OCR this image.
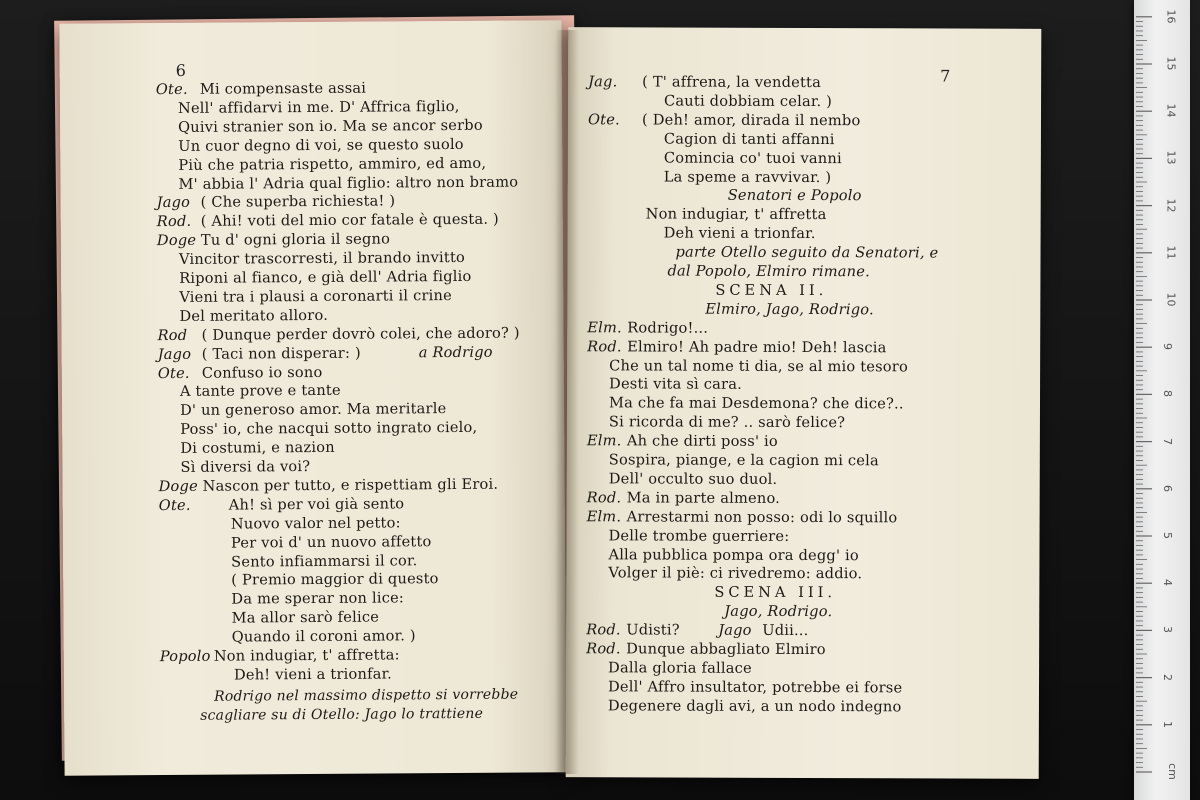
6
Ote. Mi compensaste assai
Nell' affidarvi in me. D' Affrica figlio,
Quivi stranier son io. Ma se ancor serbo
Un cuor degno di voi, se questo suolo
Più che patria rispetto, ammiro, ed amo,
M' abbia l' Adria qual figlio: altro non bramo
Jago ( Che superba richiesta! )
Rod. ( Ahi! voti del mio cor fatale è questa. )
Doge Tu d' ogni gloria il segno
Vincitor trascorresti, il brando invitto
Riponi al fianco, e già dell' Adria figlio
Vieni tra i plausi a coronarti il crine
Del meritato alloro.
Rod ( Dunque perder dovrò colei, che adoro? )
Jago ( Taci non disperar: )
Ote. Confuso io sono
A tante prove e tante
D' un generoso amor. Ma meritarle
Poss' io, che nacqui sotto ingrato cielo,
Di costumi, e nazion
Sì diversi da voi?
Doge Nascon per tutto, e rispettiam gli Eroi.
Ote.	Ah! sì per voi già sento
Nuovo valor nel petto:
Per voi d' un nuovo affetto
Sento infiammarsi il cor.
( Premio maggior di questo
Da me sperar non lice:
Ma allor sarò felice
Quando il coroni amor. )
Popolo Non indugiar, t' affretta:
Deh! vieni a trionfar.
a Rodrigo
Rodrigo nel massimo dispetto si vorrebbe
scagliare su di Otello: Jago lo trattiene
7
Jag. ( T' affrena, la vendetta
Cauti dobbiam celar. )
Ote. ( Deh! amor, dirada il nembo
Cagion di tanti affanni
Comincia co' tuoi vanni
La speme a ravvivar. )
Senatori e Popolo
Non indugiar, t' affretta
Deh vieni a trionfar.
parte Otello seguito da Senatori, e
dal Popolo, Elmiro rimane.
SCENA II.
Elmiro, Jago, Rodrigo.
Elm. Rodrigo!...
Rod. Elmiro! Ah padre mio! Deh! lascia
Che un tal nome ti dia, se al mio tesoro
Desti vita sì cara.
Ma che fa mai Desdemona? che dice?..
Si ricorda di me? .. sarò felice?
Elm. Ah che dirti poss' io
Sospira, piange, e la cagion mi cela
Dell' occulto suo duol.
Rod. Ma in parte almeno.
Elm. Arrestarmi non posso: odi lo squillo
Delle trombe guerriere:
Alla pubblica pompa ora degg' io
Volger il piè: ci rivedremo: addio.
SCENA III.
Jago, Rodrigo.
Rod. Udisti?	Jago Udii...
Rod. Dunque abbagliato Elmiro
Dalla gloria fallace
Dell' Affro insultator, potrebbe ei forse
Degenere dagli avi, a un nodo indegno
1
2
3
4
5
6
7
8
9
10
11
12
13
14
15
16
cm
